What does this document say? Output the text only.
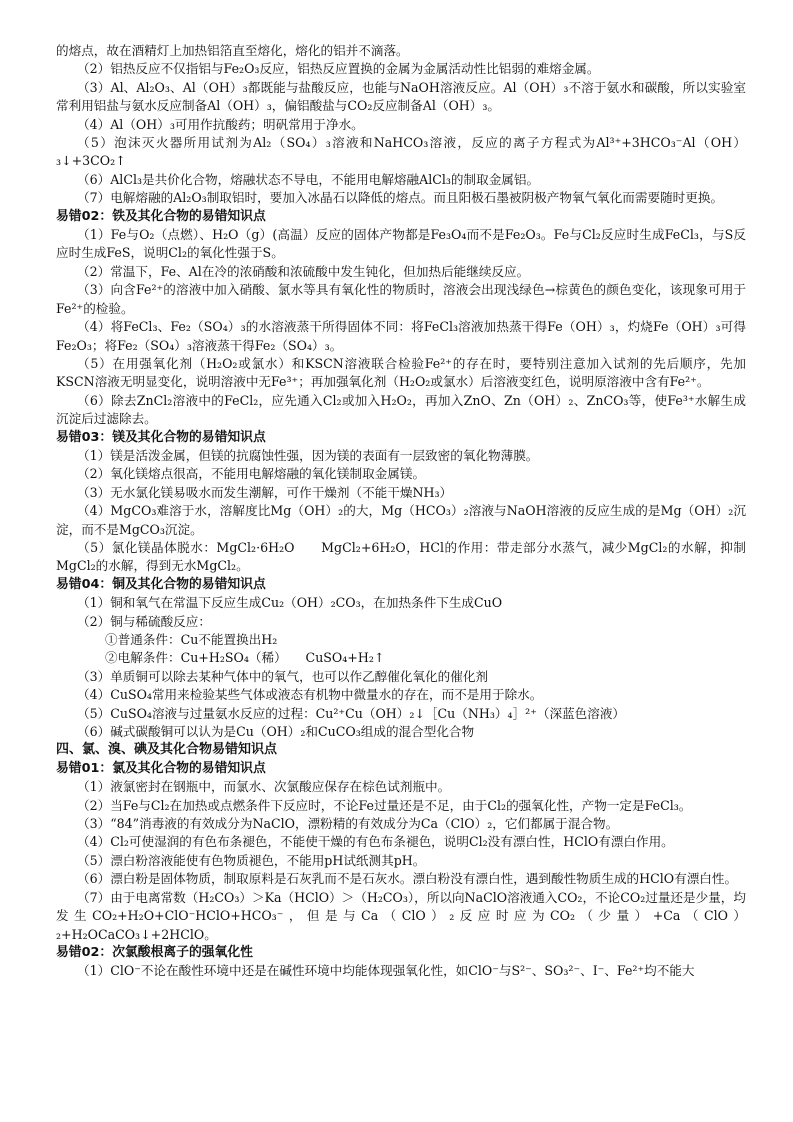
的熔点，故在酒精灯上加热铝箔直至熔化，熔化的铝并不滴落。
（2）铝热反应不仅指铝与Fe₂O₃反应，铝热反应置换的金属为金属活动性比铝弱的难熔金属。
（3）Al、Al₂O₃、Al（OH）₃都既能与盐酸反应，也能与NaOH溶液反应。Al（OH）₃不溶于氨水和碳酸，所以实验室常利用铝盐与氨水反应制备Al（OH）₃，偏铝酸盐与CO₂反应制备Al（OH）₃。
（4）Al（OH）₃可用作抗酸药；明矾常用于净水。
（5）泡沫灭火器所用试剂为Al₂（SO₄）₃溶液和NaHCO₃溶液，反应的离子方程式为Al³⁺+3HCO₃⁻Al（OH）₃↓+3CO₂↑
（6）AlCl₃是共价化合物，熔融状态不导电，不能用电解熔融AlCl₃的制取金属铝。
（7）电解熔融的Al₂O₃制取铝时，要加入冰晶石以降低的熔点。而且阳极石墨被阴极产物氧气氧化而需要随时更换。
易错02：铁及其化合物的易错知识点
（1）Fe与O₂（点燃）、H₂O（g）(高温）反应的固体产物都是Fe₃O₄而不是Fe₂O₃。Fe与Cl₂反应时生成FeCl₃，与S反应时生成FeS，说明Cl₂的氧化性强于S。
（2）常温下，Fe、Al在冷的浓硝酸和浓硫酸中发生钝化，但加热后能继续反应。
（3）向含Fe²⁺的溶液中加入硝酸、氯水等具有氧化性的物质时，溶液会出现浅绿色→棕黄色的颜色变化，该现象可用于Fe²⁺的检验。
（4）将FeCl₃、Fe₂（SO₄）₃的水溶液蒸干所得固体不同：将FeCl₃溶液加热蒸干得Fe（OH）₃，灼烧Fe（OH）₃可得Fe₂O₃；将Fe₂（SO₄）₃溶液蒸干得Fe₂（SO₄）₃。
（5）在用强氧化剂（H₂O₂或氯水）和KSCN溶液联合检验Fe²⁺的存在时，要特别注意加入试剂的先后顺序，先加KSCN溶液无明显变化，说明溶液中无Fe³⁺；再加强氧化剂（H₂O₂或氯水）后溶液变红色，说明原溶液中含有Fe²⁺。
（6）除去ZnCl₂溶液中的FeCl₂，应先通入Cl₂或加入H₂O₂，再加入ZnO、Zn（OH）₂、ZnCO₃等，使Fe³⁺水解生成沉淀后过滤除去。
易错03：镁及其化合物的易错知识点
（1）镁是活泼金属，但镁的抗腐蚀性强，因为镁的表面有一层致密的氧化物薄膜。
（2）氧化镁熔点很高，不能用电解熔融的氧化镁制取金属镁。
（3）无水氯化镁易吸水而发生潮解，可作干燥剂（不能干燥NH₃）
（4）MgCO₃难溶于水，溶解度比Mg（OH）₂的大，Mg（HCO₃）₂溶液与NaOH溶液的反应生成的是Mg（OH）₂沉淀，而不是MgCO₃沉淀。
（5）氯化镁晶体脱水：MgCl₂·6H₂O　　MgCl₂+6H₂O，HCl的作用：带走部分水蒸气，减少MgCl₂的水解，抑制MgCl₂的水解，得到无水MgCl₂。
易错04：铜及其化合物的易错知识点
（1）铜和氧气在常温下反应生成Cu₂（OH）₂CO₃，在加热条件下生成CuO
（2）铜与稀硫酸反应：
①普通条件：Cu不能置换出H₂
②电解条件：Cu+H₂SO₄（稀）　　CuSO₄+H₂↑
（3）单质铜可以除去某种气体中的氧气，也可以作乙醇催化氧化的催化剂
（4）CuSO₄常用来检验某些气体或液态有机物中微量水的存在，而不是用于除水。
（5）CuSO₄溶液与过量氨水反应的过程：Cu²⁺Cu（OH）₂↓［Cu（NH₃）₄］²⁺（深蓝色溶液）
（6）碱式碳酸铜可以认为是Cu（OH）₂和CuCO₃组成的混合型化合物
四、氯、溴、碘及其化合物易错知识点
易错01：氯及其化合物的易错知识点
（1）液氯密封在钢瓶中，而氯水、次氯酸应保存在棕色试剂瓶中。
（2）当Fe与Cl₂在加热或点燃条件下反应时，不论Fe过量还是不足，由于Cl₂的强氧化性，产物一定是FeCl₃。
（3）“84”消毒液的有效成分为NaClO，漂粉精的有效成分为Ca（ClO）₂，它们都属于混合物。
（4）Cl₂可使湿润的有色布条褪色，不能使干燥的有色布条褪色，说明Cl₂没有漂白性，HClO有漂白作用。
（5）漂白粉溶液能使有色物质褪色，不能用pH试纸测其pH。
（6）漂白粉是固体物质，制取原料是石灰乳而不是石灰水。漂白粉没有漂白性，遇到酸性物质生成的HClO有漂白性。
（7）由于电离常数（H₂CO₃）＞Ka（HClO）＞（H₂CO₃），所以向NaClO溶液通入CO₂，不论CO₂过量还是少量，均发生CO₂+H₂O+ClO⁻HClO+HCO₃⁻，但是与Ca（ClO）₂反应时应为CO₂（少量）+Ca（ClO）₂+H₂OCaCO₃↓+2HClO。
易错02：次氯酸根离子的强氧化性
（1）ClO⁻不论在酸性环境中还是在碱性环境中均能体现强氧化性，如ClO⁻与S²⁻、SO₃²⁻、I⁻、Fe²⁺均不能大
